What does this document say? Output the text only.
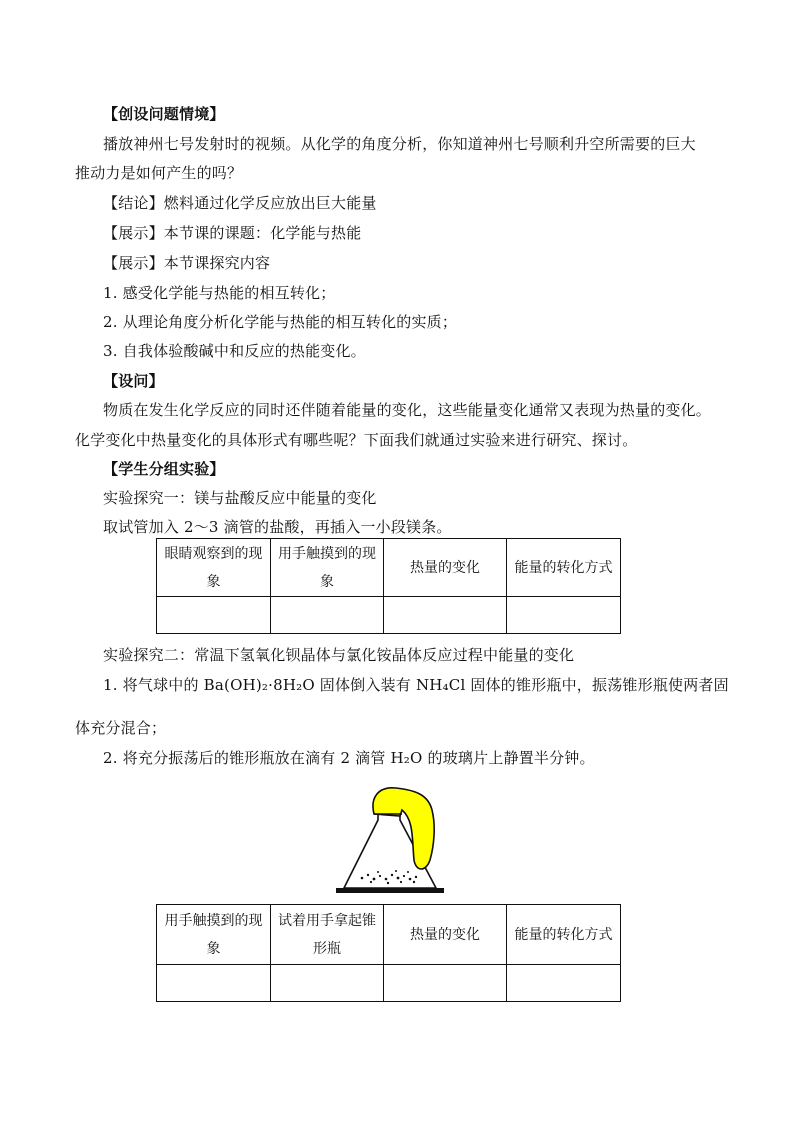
【创设问题情境】
播放神州七号发射时的视频。从化学的角度分析，你知道神州七号顺利升空所需要的巨大
推动力是如何产生的吗？
【结论】燃料通过化学反应放出巨大能量
【展示】本节课的课题：化学能与热能
【展示】本节课探究内容
1. 感受化学能与热能的相互转化；
2. 从理论角度分析化学能与热能的相互转化的实质；
3. 自我体验酸碱中和反应的热能变化。
【设问】
物质在发生化学反应的同时还伴随着能量的变化，这些能量变化通常又表现为热量的变化。
化学变化中热量变化的具体形式有哪些呢？下面我们就通过实验来进行研究、探讨。
【学生分组实验】
实验探究一：镁与盐酸反应中能量的变化
取试管加入 2～3 滴管的盐酸，再插入一小段镁条。
实验探究二：常温下氢氧化钡晶体与氯化铵晶体反应过程中能量的变化
1. 将气球中的 Ba(OH)₂·8H₂O 固体倒入装有 NH₄Cl 固体的锥形瓶中，振荡锥形瓶使两者固
体充分混合；
2. 将充分振荡后的锥形瓶放在滴有 2 滴管 H₂O 的玻璃片上静置半分钟。
眼睛观察到的现象	用手触摸到的现象	热量的变化	能量的转化方式

用手触摸到的现象	试着用手拿起锥形瓶	热量的变化	能量的转化方式
